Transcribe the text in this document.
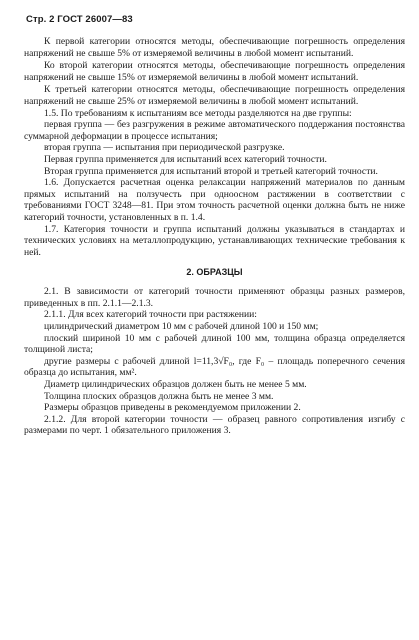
Стр. 2 ГОСТ 26007—83

К первой категории относятся методы, обеспечивающие погрешность определения напряжений не свыше 5% от измеряемой величины в любой момент испытаний.

Ко второй категории относятся методы, обеспечивающие погрешность определения напряжений не свыше 15% от измеряемой величины в любой момент испытаний.

К третьей категории относятся методы, обеспечивающие погрешность определения напряжений не свыше 25% от измеряемой величины в любой момент испытаний.

1.5. По требованиям к испытаниям все методы разделяются на две группы:

первая группа — без разгружения в режиме автоматического поддержания постоянства суммарной деформации в процессе испытания;

вторая группа — испытания при периодической разгрузке.

Первая группа применяется для испытаний всех категорий точности.

Вторая группа применяется для испытаний второй и третьей категорий точности.

1.6. Допускается расчетная оценка релаксации напряжений материалов по данным прямых испытаний на ползучесть при одноосном растяжении в соответствии с требованиями ГОСТ 3248—81. При этом точность расчетной оценки должна быть не ниже категорий точности, установленных в п. 1.4.

1.7. Категория точности и группа испытаний должны указываться в стандартах и технических условиях на металлопродукцию, устанавливающих технические требования к ней.

2. ОБРАЗЦЫ

2.1. В зависимости от категорий точности применяют образцы разных размеров, приведенных в пп. 2.1.1—2.1.3.

2.1.1. Для всех категорий точности при растяжении:

цилиндрический диаметром 10 мм с рабочей длиной 100 и 150 мм;

плоский шириной 10 мм с рабочей длиной 100 мм, толщина образца определяется толщиной листа;

другие размеры с рабочей длиной l=11,3√F₀, где F₀ – площадь поперечного сечения образца до испытания, мм².

Диаметр цилиндрических образцов должен быть не менее 5 мм.

Толщина плоских образцов должна быть не менее 3 мм.

Размеры образцов приведены в рекомендуемом приложении 2.

2.1.2. Для второй категории точности — образец равного сопротивления изгибу с размерами по черт. 1 обязательного приложения 3.
